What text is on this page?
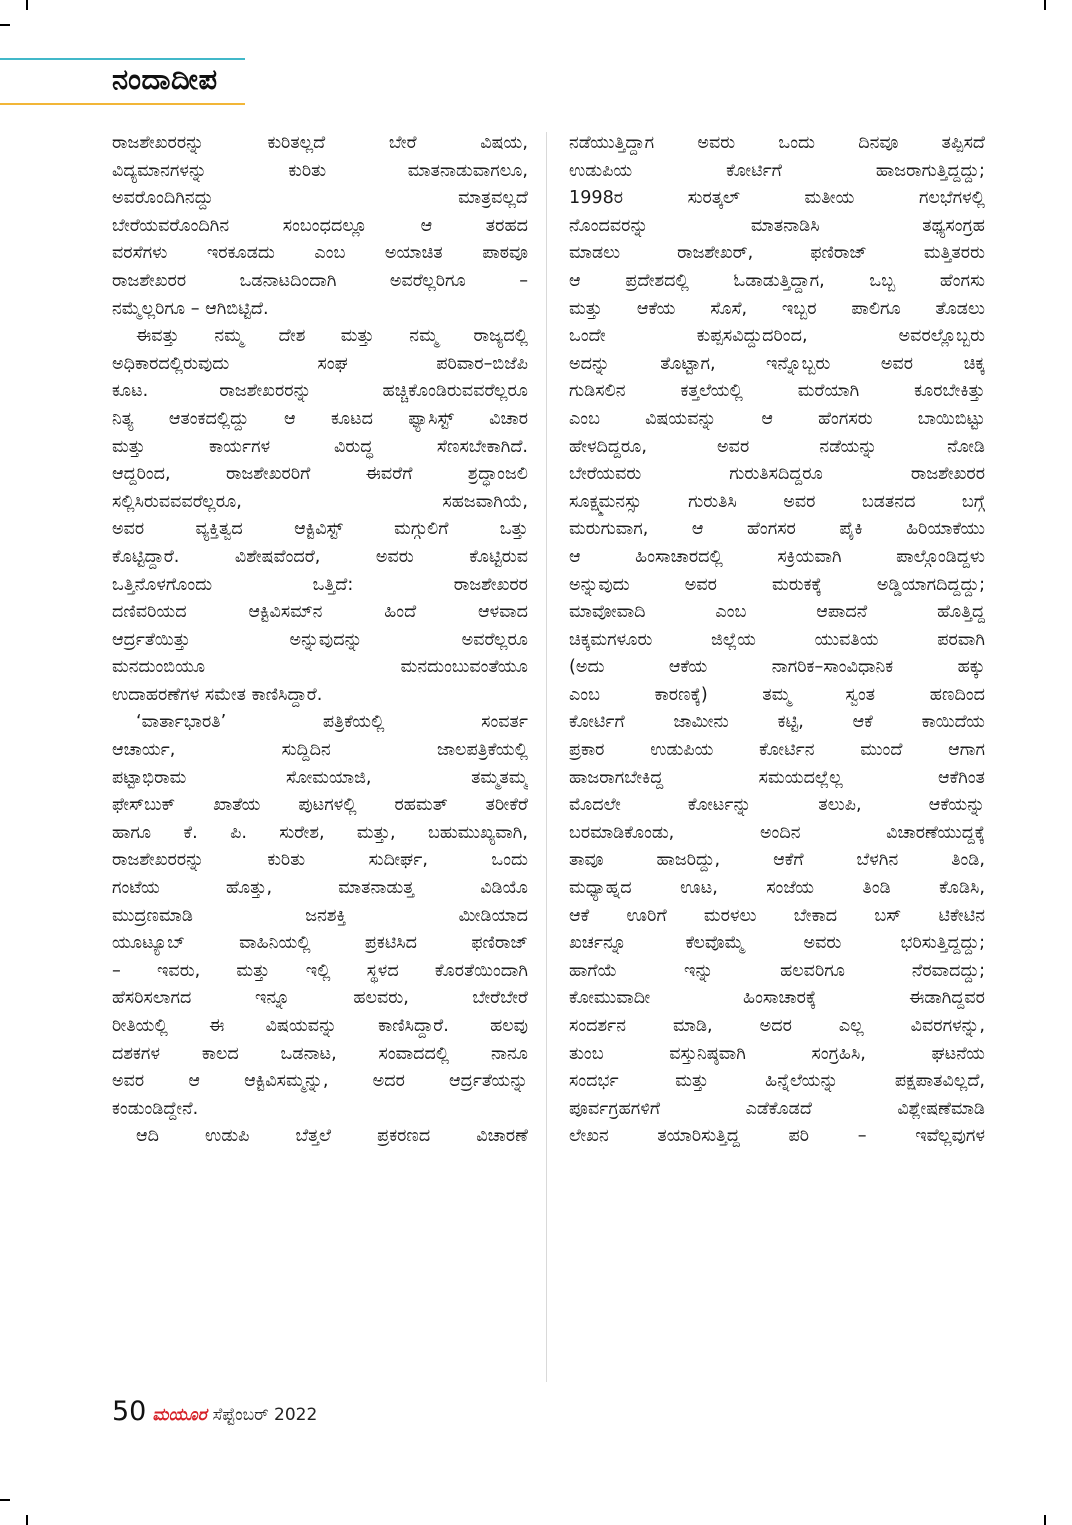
ನಂದಾದೀಪ
ರಾಜಶೇಖರರನ್ನು ಕುರಿತಲ್ಲದೆ ಬೇರೆ ವಿಷಯ,
ವಿದ್ಯಮಾನಗಳನ್ನು ಕುರಿತು ಮಾತನಾಡುವಾಗಲೂ,
ಅವರೊಂದಿಗಿನದ್ದು ಮಾತ್ರವಲ್ಲದೆ
ಬೇರೆಯವರೊಂದಿಗಿನ ಸಂಬಂಧದಲ್ಲೂ ಆ ತರಹದ
ವರಸೆಗಳು ಇರಕೂಡದು ಎಂಬ ಅಯಾಚಿತ ಪಾಠವೂ
ರಾಜಶೇಖರರ ಒಡನಾಟದಿಂದಾಗಿ ಅವರೆಲ್ಲರಿಗೂ –
ನಮ್ಮೆಲ್ಲರಿಗೂ – ಆಗಿಬಿಟ್ಟಿದೆ.
ಈವತ್ತು ನಮ್ಮ ದೇಶ ಮತ್ತು ನಮ್ಮ ರಾಜ್ಯದಲ್ಲಿ
ಅಧಿಕಾರದಲ್ಲಿರುವುದು ಸಂಘ ಪರಿವಾರ–ಬಿಜೆಪಿ
ಕೂಟ. ರಾಜಶೇಖರರನ್ನು ಹಚ್ಚಿಕೊಂಡಿರುವವರೆಲ್ಲರೂ
ನಿತ್ಯ ಆತಂಕದಲ್ಲಿದ್ದು ಆ ಕೂಟದ ಫ್ಯಾಸಿಸ್ಟ್ ವಿಚಾರ
ಮತ್ತು ಕಾರ್ಯಗಳ ವಿರುದ್ಧ ಸೆಣಸಬೇಕಾಗಿದೆ.
ಆದ್ದರಿಂದ, ರಾಜಶೇಖರರಿಗೆ ಈವರೆಗೆ ಶ್ರದ್ಧಾಂಜಲಿ
ಸಲ್ಲಿಸಿರುವವವರೆಲ್ಲರೂ, ಸಹಜವಾಗಿಯೆ,
ಅವರ ವ್ಯಕ್ತಿತ್ವದ ಆಕ್ಟಿವಿಸ್ಟ್ ಮಗ್ಗುಲಿಗೆ ಒತ್ತು
ಕೊಟ್ಟಿದ್ದಾರೆ. ವಿಶೇಷವೆಂದರೆ, ಅವರು ಕೊಟ್ಟಿರುವ
ಒತ್ತಿನೊಳಗೊಂದು ಒತ್ತಿದೆ: ರಾಜಶೇಖರರ
ದಣಿವರಿಯದ ಆಕ್ಟಿವಿಸಮ್‌ನ ಹಿಂದೆ ಆಳವಾದ
ಆರ್ದ್ರತೆಯಿತ್ತು ಅನ್ನುವುದನ್ನು ಅವರೆಲ್ಲರೂ
ಮನದುಂಬಿಯೂ ಮನದುಂಬುವಂತೆಯೂ
ಉದಾಹರಣೆಗಳ ಸಮೇತ ಕಾಣಿಸಿದ್ದಾರೆ.
‘ವಾರ್ತಾಭಾರತಿ’ ಪತ್ರಿಕೆಯಲ್ಲಿ ಸಂವರ್ತ
ಆಚಾರ್ಯ, ಸುದ್ದಿದಿನ ಜಾಲಪತ್ರಿಕೆಯಲ್ಲಿ
ಪಟ್ಟಾಭಿರಾಮ ಸೋಮಯಾಜಿ, ತಮ್ಮತಮ್ಮ
ಫೇಸ್‌ಬುಕ್ ಖಾತೆಯ ಪುಟಗಳಲ್ಲಿ ರಹಮತ್ ತರೀಕೆರೆ
ಹಾಗೂ ಕೆ. ಪಿ. ಸುರೇಶ, ಮತ್ತು, ಬಹುಮುಖ್ಯವಾಗಿ,
ರಾಜಶೇಖರರನ್ನು ಕುರಿತು ಸುದೀರ್ಘ, ಒಂದು
ಗಂಟೆಯ ಹೊತ್ತು, ಮಾತನಾಡುತ್ತ ವಿಡಿಯೊ
ಮುದ್ರಣಮಾಡಿ ಜನಶಕ್ತಿ ಮೀಡಿಯಾದ
ಯೂಟ್ಯೂಬ್ ವಾಹಿನಿಯಲ್ಲಿ ಪ್ರಕಟಿಸಿದ ಫಣಿರಾಜ್
– ಇವರು, ಮತ್ತು ಇಲ್ಲಿ ಸ್ಥಳದ ಕೊರತೆಯಿಂದಾಗಿ
ಹೆಸರಿಸಲಾಗದ ಇನ್ನೂ ಹಲವರು, ಬೇರೆಬೇರೆ
ರೀತಿಯಲ್ಲಿ ಈ ವಿಷಯವನ್ನು ಕಾಣಿಸಿದ್ದಾರೆ. ಹಲವು
ದಶಕಗಳ ಕಾಲದ ಒಡನಾಟ, ಸಂವಾದದಲ್ಲಿ ನಾನೂ
ಅವರ ಆ ಆಕ್ಟಿವಿಸಮ್ಮನ್ನು, ಅದರ ಆರ್ದ್ರತೆಯನ್ನು
ಕಂಡುಂಡಿದ್ದೇನೆ.
ಆದಿ ಉಡುಪಿ ಬೆತ್ತಲೆ ಪ್ರಕರಣದ ವಿಚಾರಣೆ
ನಡೆಯುತ್ತಿದ್ದಾಗ ಅವರು ಒಂದು ದಿನವೂ ತಪ್ಪಿಸದೆ
ಉಡುಪಿಯ ಕೋರ್ಟಿಗೆ ಹಾಜರಾಗುತ್ತಿದ್ದದ್ದು;
1998ರ ಸುರತ್ಕಲ್ ಮತೀಯ ಗಲಭೆಗಳಲ್ಲಿ
ನೊಂದವರನ್ನು ಮಾತನಾಡಿಸಿ ತಥ್ಯಸಂಗ್ರಹ
ಮಾಡಲು ರಾಜಶೇಖರ್, ಫಣಿರಾಜ್ ಮತ್ತಿತರರು
ಆ ಪ್ರದೇಶದಲ್ಲಿ ಓಡಾಡುತ್ತಿದ್ದಾಗ, ಒಬ್ಬ ಹೆಂಗಸು
ಮತ್ತು ಆಕೆಯ ಸೊಸೆ, ಇಬ್ಬರ ಪಾಲಿಗೂ ತೊಡಲು
ಒಂದೇ ಕುಪ್ಪಸವಿದ್ದುದರಿಂದ, ಅವರಲ್ಲೊಬ್ಬರು
ಅದನ್ನು ತೊಟ್ಟಾಗ, ಇನ್ನೊಬ್ಬರು ಅವರ ಚಿಕ್ಕ
ಗುಡಿಸಲಿನ ಕತ್ತಲೆಯಲ್ಲಿ ಮರೆಯಾಗಿ ಕೂರಬೇಕಿತ್ತು
ಎಂಬ ವಿಷಯವನ್ನು ಆ ಹೆಂಗಸರು ಬಾಯಿಬಿಟ್ಟು
ಹೇಳದಿದ್ದರೂ, ಅವರ ನಡೆಯನ್ನು ನೋಡಿ
ಬೇರೆಯವರು ಗುರುತಿಸದಿದ್ದರೂ ರಾಜಶೇಖರರ
ಸೂಕ್ಷ್ಮಮನಸ್ಸು ಗುರುತಿಸಿ ಅವರ ಬಡತನದ ಬಗ್ಗೆ
ಮರುಗುವಾಗ, ಆ ಹೆಂಗಸರ ಪೈಕಿ ಹಿರಿಯಾಕೆಯು
ಆ ಹಿಂಸಾಚಾರದಲ್ಲಿ ಸಕ್ರಿಯವಾಗಿ ಪಾಲ್ಗೊಂಡಿದ್ದಳು
ಅನ್ನುವುದು ಅವರ ಮರುಕಕ್ಕೆ ಅಡ್ಡಿಯಾಗದಿದ್ದದ್ದು;
ಮಾವೋವಾದಿ ಎಂಬ ಆಪಾದನೆ ಹೊತ್ತಿದ್ದ
ಚಿಕ್ಕಮಗಳೂರು ಜಿಲ್ಲೆಯ ಯುವತಿಯ ಪರವಾಗಿ
(ಅದು ಆಕೆಯ ನಾಗರಿಕ–ಸಾಂವಿಧಾನಿಕ ಹಕ್ಕು
ಎಂಬ ಕಾರಣಕ್ಕೆ) ತಮ್ಮ ಸ್ವಂತ ಹಣದಿಂದ
ಕೋರ್ಟಿಗೆ ಜಾಮೀನು ಕಟ್ಟಿ, ಆಕೆ ಕಾಯಿದೆಯ
ಪ್ರಕಾರ ಉಡುಪಿಯ ಕೋರ್ಟಿನ ಮುಂದೆ ಆಗಾಗ
ಹಾಜರಾಗಬೇಕಿದ್ದ ಸಮಯದಲ್ಲೆಲ್ಲ ಆಕೆಗಿಂತ
ಮೊದಲೇ ಕೋರ್ಟನ್ನು ತಲುಪಿ, ಆಕೆಯನ್ನು
ಬರಮಾಡಿಕೊಂಡು, ಅಂದಿನ ವಿಚಾರಣೆಯುದ್ದಕ್ಕೆ
ತಾವೂ ಹಾಜರಿದ್ದು, ಆಕೆಗೆ ಬೆಳಗಿನ ತಿಂಡಿ,
ಮಧ್ಯಾಹ್ನದ ಊಟ, ಸಂಜೆಯ ತಿಂಡಿ ಕೊಡಿಸಿ,
ಆಕೆ ಊರಿಗೆ ಮರಳಲು ಬೇಕಾದ ಬಸ್ ಟಿಕೇಟಿನ
ಖರ್ಚನ್ನೂ ಕೆಲವೊಮ್ಮೆ ಅವರು ಭರಿಸುತ್ತಿದ್ದದ್ದು;
ಹಾಗೆಯೆ ಇನ್ನು ಹಲವರಿಗೂ ನೆರವಾದದ್ದು;
ಕೋಮುವಾದೀ ಹಿಂಸಾಚಾರಕ್ಕೆ ಈಡಾಗಿದ್ದವರ
ಸಂದರ್ಶನ ಮಾಡಿ, ಅದರ ಎಲ್ಲ ವಿವರಗಳನ್ನು,
ತುಂಬ ವಸ್ತುನಿಷ್ಠವಾಗಿ ಸಂಗ್ರಹಿಸಿ, ಘಟನೆಯ
ಸಂದರ್ಭ ಮತ್ತು ಹಿನ್ನೆಲೆಯನ್ನು ಪಕ್ಷಪಾತವಿಲ್ಲದೆ,
ಪೂರ್ವಗ್ರಹಗಳಿಗೆ ಎಡೆಕೊಡದೆ ವಿಶ್ಲೇಷಣೆಮಾಡಿ
ಲೇಖನ ತಯಾರಿಸುತ್ತಿದ್ದ ಪರಿ – ಇವೆಲ್ಲವುಗಳ
50 ಮಯೂರ ಸೆಪ್ಟೆಂಬರ್ 2022
